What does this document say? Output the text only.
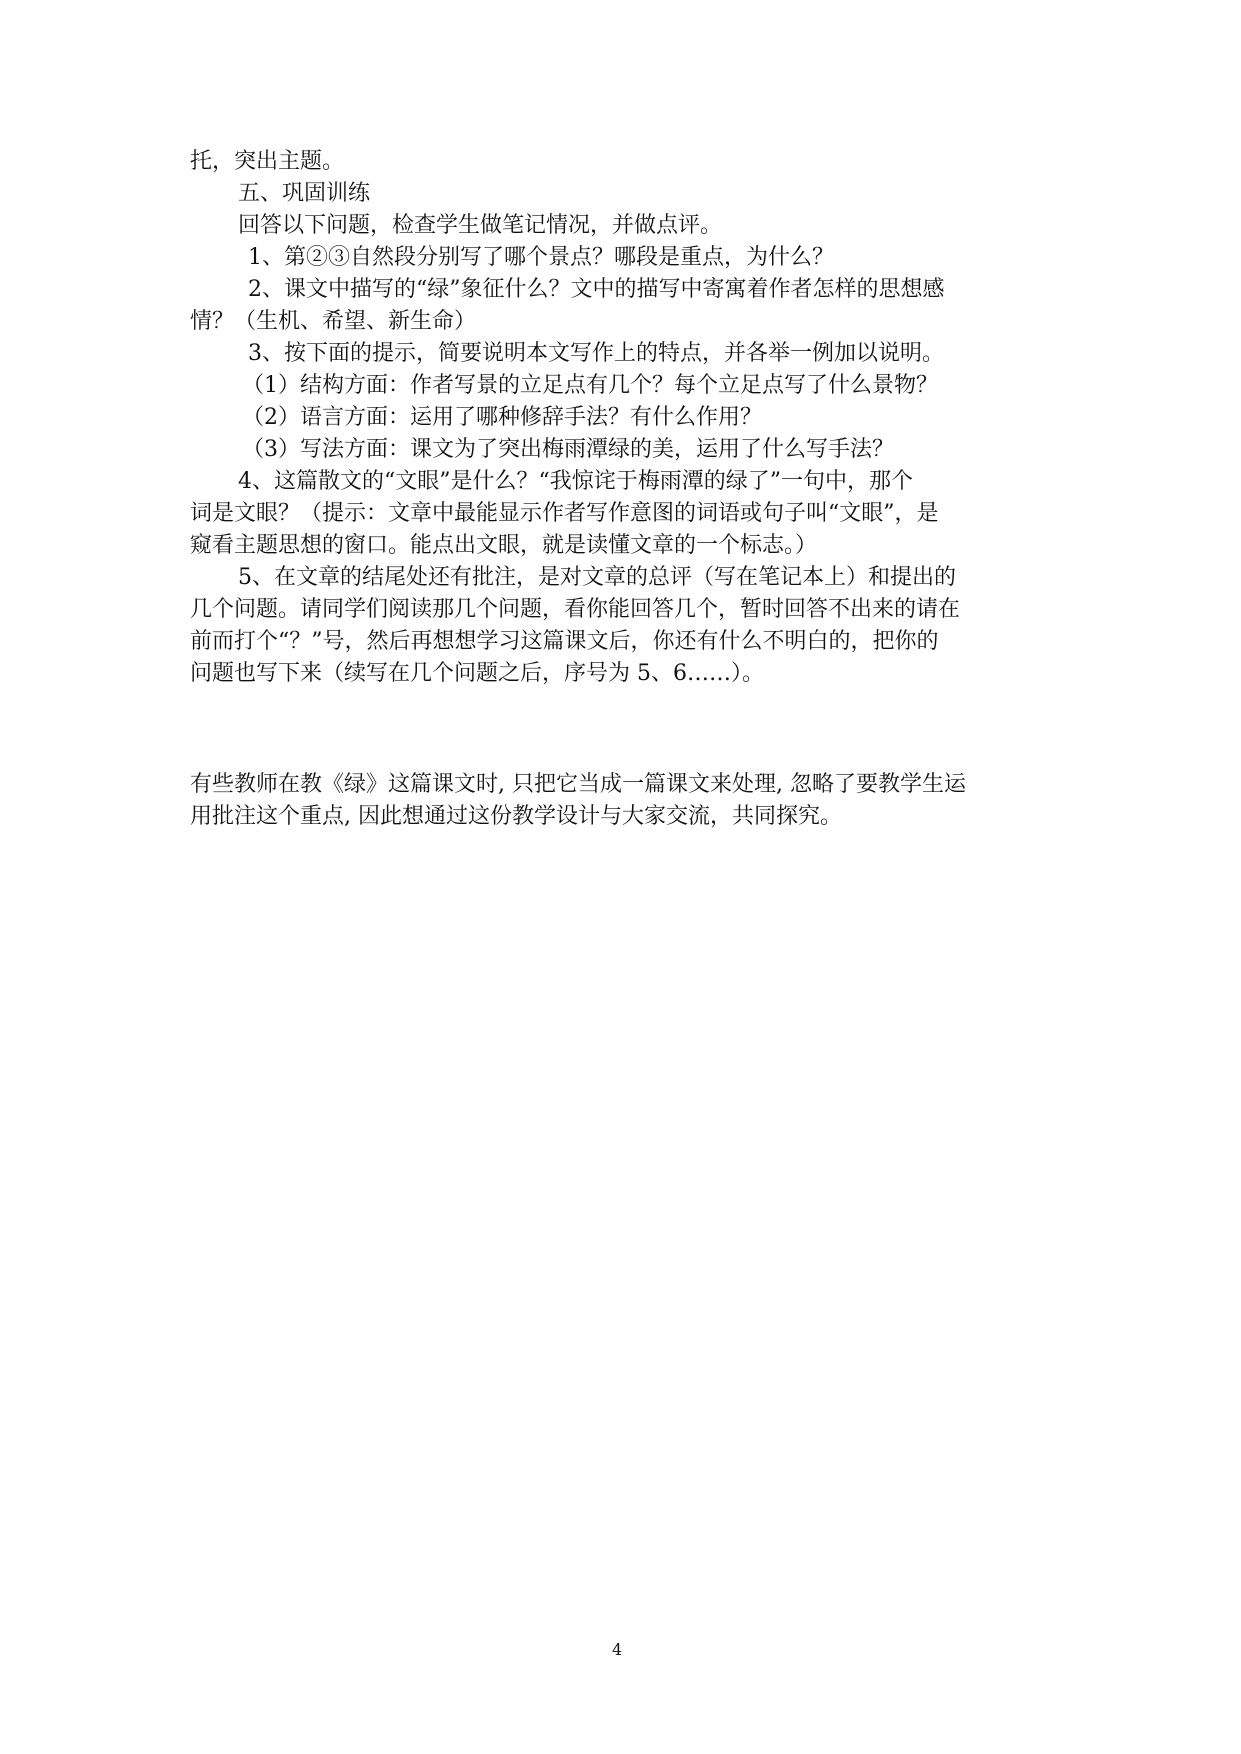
托，突出主题。

五、巩固训练

回答以下问题，检查学生做笔记情况，并做点评。

1、第②③自然段分别写了哪个景点？哪段是重点，为什么？

2、课文中描写的“绿”象征什么？文中的描写中寄寓着作者怎样的思想感

情？（生机、希望、新生命）

3、按下面的提示，简要说明本文写作上的特点，并各举一例加以说明。

（1）结构方面：作者写景的立足点有几个？每个立足点写了什么景物？

（2）语言方面：运用了哪种修辞手法？有什么作用？

（3）写法方面：课文为了突出梅雨潭绿的美，运用了什么写手法？

4、这篇散文的“文眼”是什么？“我惊诧于梅雨潭的绿了”一句中，那个

词是文眼？（提示：文章中最能显示作者写作意图的词语或句子叫“文眼”，是

窥看主题思想的窗口。能点出文眼，就是读懂文章的一个标志。）

5、在文章的结尾处还有批注，是对文章的总评（写在笔记本上）和提出的

几个问题。请同学们阅读那几个问题，看你能回答几个，暂时回答不出来的请在

前而打个“？”号，然后再想想学习这篇课文后，你还有什么不明白的，把你的

问题也写下来（续写在几个问题之后，序号为 5、6……）。

有些教师在教《绿》这篇课文时, 只把它当成一篇课文来处理, 忽略了要教学生运

用批注这个重点, 因此想通过这份教学设计与大家交流，共同探究。

4
